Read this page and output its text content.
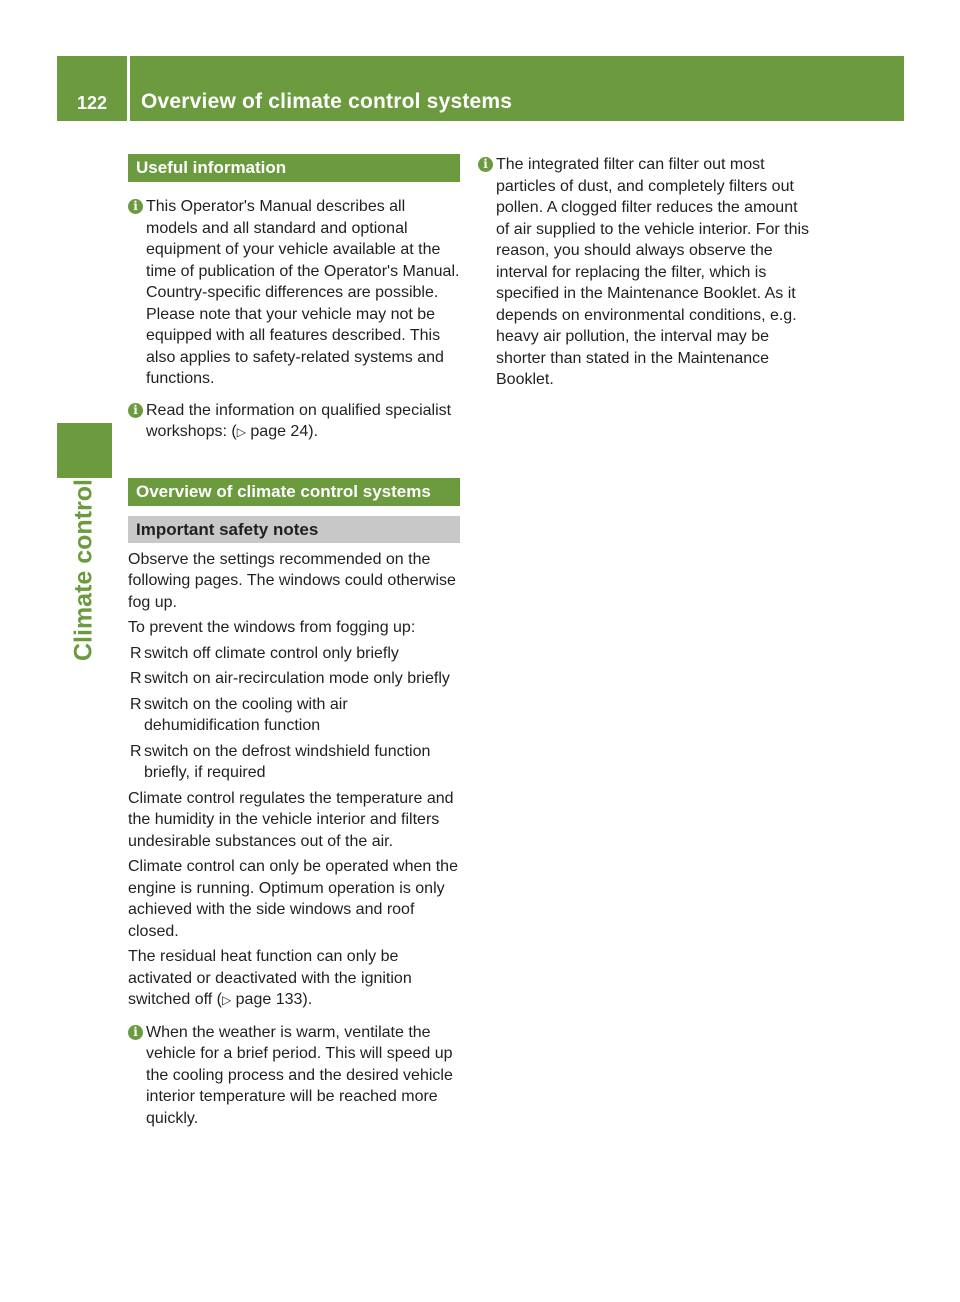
122	Overview of climate control systems
Climate control
Useful information
i This Operator's Manual describes all models and all standard and optional equipment of your vehicle available at the time of publication of the Operator's Manual. Country-specific differences are possible. Please note that your vehicle may not be equipped with all features described. This also applies to safety-related systems and functions.
i Read the information on qualified specialist workshops: (▷ page 24).
Overview of climate control systems
Important safety notes

Observe the settings recommended on the following pages. The windows could otherwise fog up.

To prevent the windows from fogging up:

R switch off climate control only briefly
R switch on air-recirculation mode only briefly
R switch on the cooling with air dehumidification function
R switch on the defrost windshield function briefly, if required

Climate control regulates the temperature and the humidity in the vehicle interior and filters undesirable substances out of the air.

Climate control can only be operated when the engine is running. Optimum operation is only achieved with the side windows and roof closed.

The residual heat function can only be activated or deactivated with the ignition switched off (▷ page 133).

i When the weather is warm, ventilate the vehicle for a brief period. This will speed up the cooling process and the desired vehicle interior temperature will be reached more quickly.
i The integrated filter can filter out most particles of dust, and completely filters out pollen. A clogged filter reduces the amount of air supplied to the vehicle interior. For this reason, you should always observe the interval for replacing the filter, which is specified in the Maintenance Booklet. As it depends on environmental conditions, e.g. heavy air pollution, the interval may be shorter than stated in the Maintenance Booklet.
